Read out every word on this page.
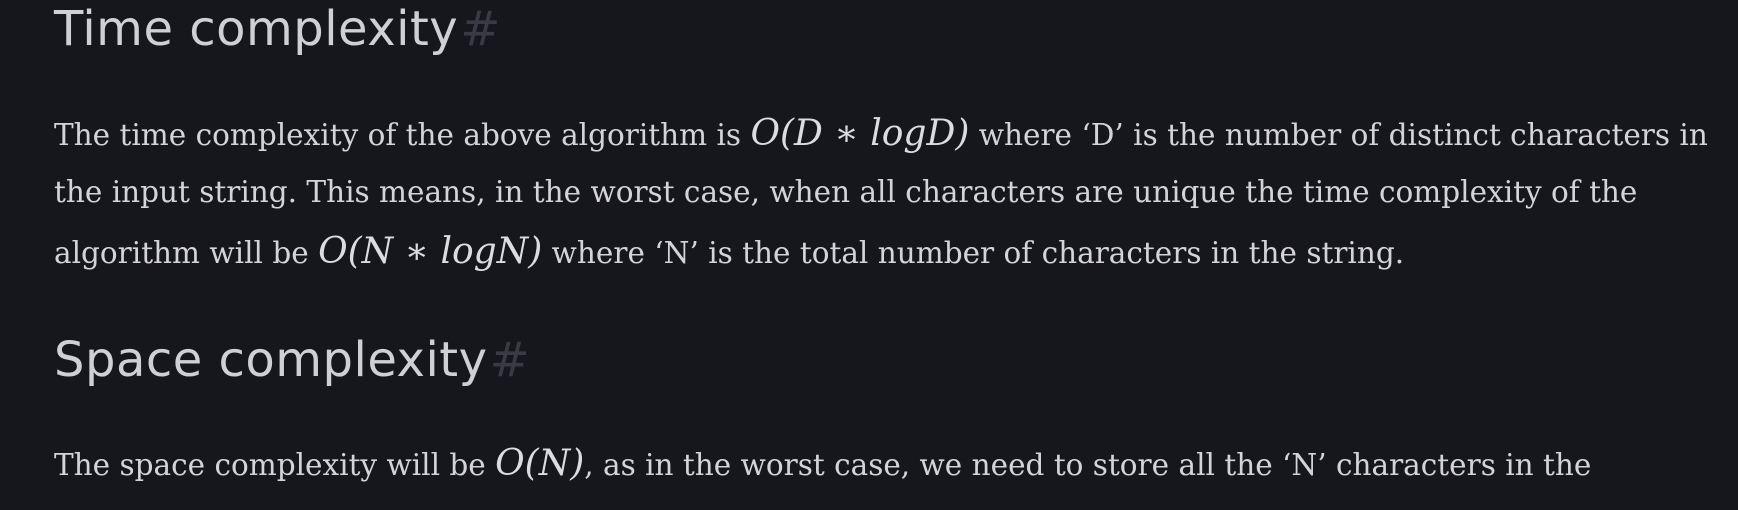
Time complexity#

The time complexity of the above algorithm is O(D ∗ logD) where ‘D’ is the number of distinct characters in
the input string. This means, in the worst case, when all characters are unique the time complexity of the
algorithm will be O(N ∗ logN) where ‘N’ is the total number of characters in the string.

Space complexity#

The space complexity will be O(N), as in the worst case, we need to store all the ‘N’ characters in the
